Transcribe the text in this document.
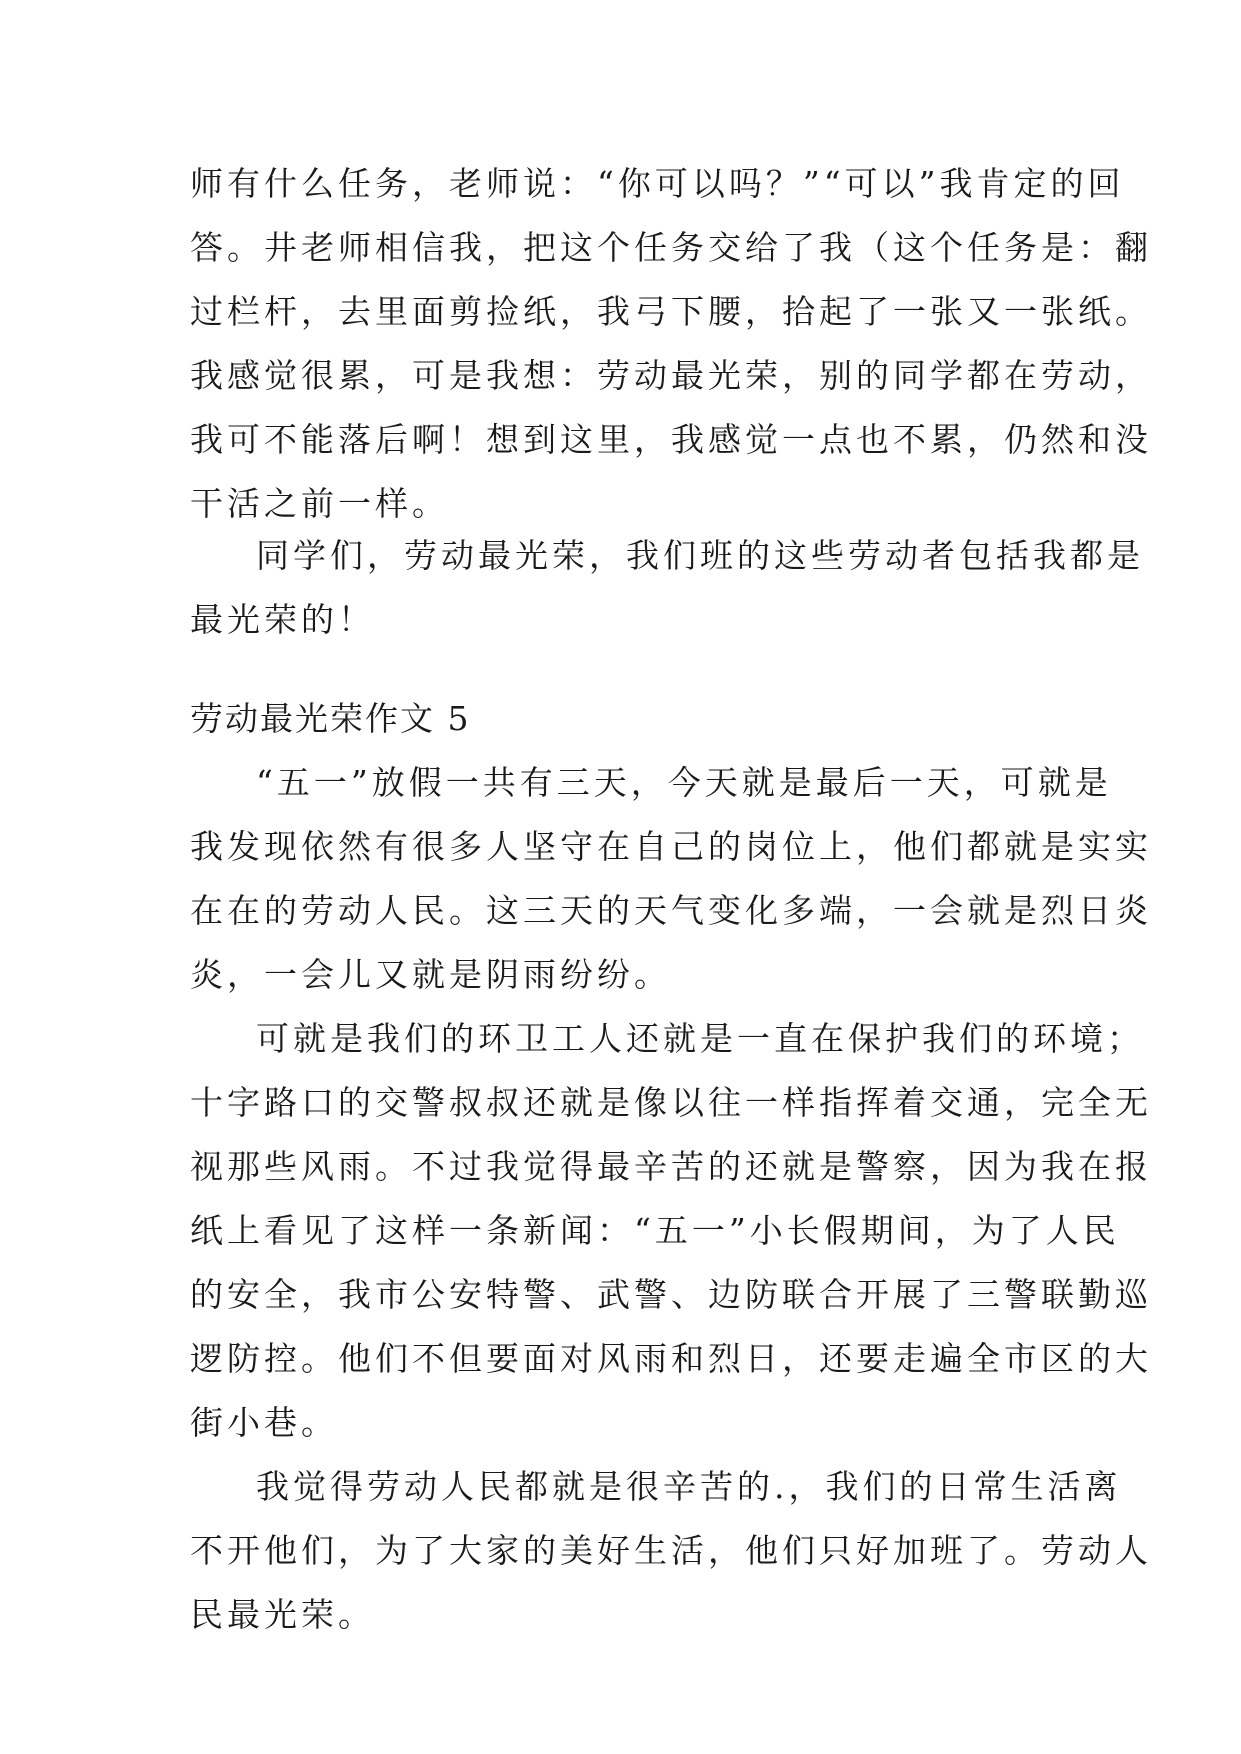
师有什么任务，老师说：“你可以吗？”“可以”我肯定的回
答。井老师相信我，把这个任务交给了我（这个任务是：翻
过栏杆，去里面剪捡纸，我弓下腰，拾起了一张又一张纸。
我感觉很累，可是我想：劳动最光荣，别的同学都在劳动，
我可不能落后啊！想到这里，我感觉一点也不累，仍然和没
干活之前一样。
同学们，劳动最光荣，我们班的这些劳动者包括我都是
最光荣的！
劳动最光荣作文 5
“五一”放假一共有三天，今天就是最后一天，可就是
我发现依然有很多人坚守在自己的岗位上，他们都就是实实
在在的劳动人民。这三天的天气变化多端，一会就是烈日炎
炎，一会儿又就是阴雨纷纷。
可就是我们的环卫工人还就是一直在保护我们的环境；
十字路口的交警叔叔还就是像以往一样指挥着交通，完全无
视那些风雨。不过我觉得最辛苦的还就是警察，因为我在报
纸上看见了这样一条新闻：“五一”小长假期间，为了人民
的安全，我市公安特警、武警、边防联合开展了三警联勤巡
逻防控。他们不但要面对风雨和烈日，还要走遍全市区的大
街小巷。
我觉得劳动人民都就是很辛苦的.，我们的日常生活离
不开他们，为了大家的美好生活，他们只好加班了。劳动人
民最光荣。
